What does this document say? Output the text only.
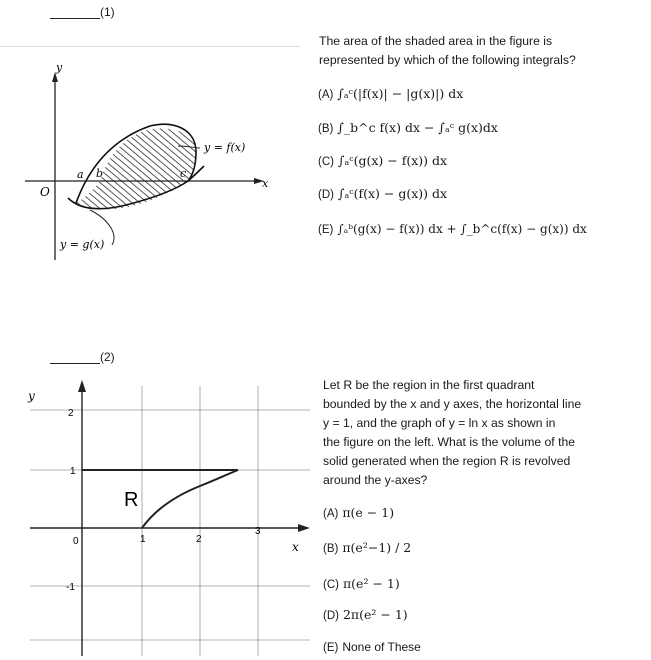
(1)
y
x
O
a b	c
y = f(x)
y = g(x)
The area of the shaded area in the figure is represented by which of the following integrals?
(A) ∫ₐᶜ(|f(x)| − |g(x)|) dx
(B) ∫_b^c f(x) dx − ∫ₐᶜ g(x)dx
(C) ∫ₐᶜ(g(x) − f(x)) dx
(D) ∫ₐᶜ(f(x) − g(x)) dx
(E) ∫ₐᵇ(g(x) − f(x)) dx + ∫_b^c(f(x) − g(x)) dx
(2)
y
2
1
0
-1
1	2
3
x
R
Let R be the region in the first quadrant
bounded by the x and y axes, the horizontal line
y = 1, and the graph of y = ln x as shown in
the figure on the left. What is the volume of the
solid generated when the region R is revolved
around the y-axes?
(A) π(e − 1)
(B) π(e²−1) / 2
(C) π(e² − 1)
(D) 2π(e² − 1)
(E) None of These
